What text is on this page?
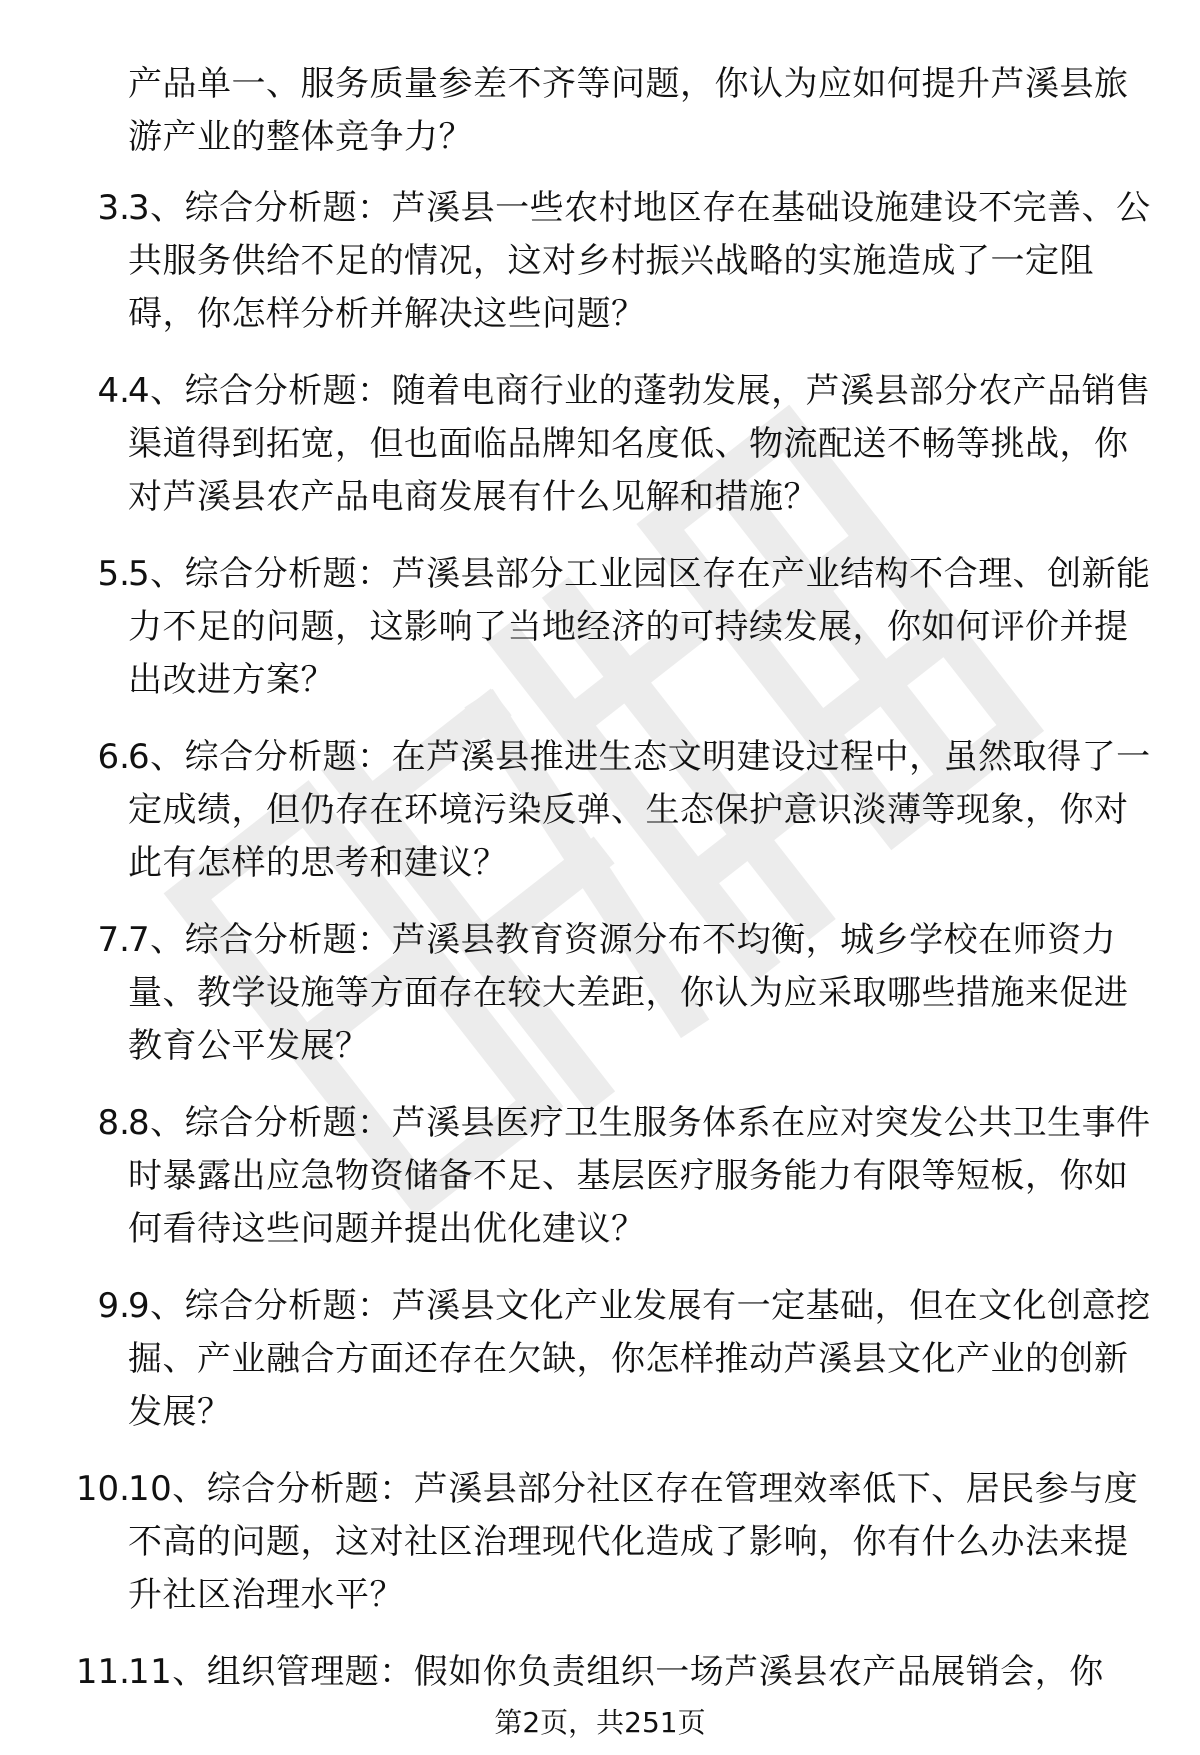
产品单一、服务质量参差不齐等问题，你认为应如何提升芦溪县旅游产业的整体竞争力？
3.
3、综合分析题：芦溪县一些农村地区存在基础设施建设不完善、公共服务供给不足的情况，这对乡村振兴战略的实施造成了一定阻碍，你怎样分析并解决这些问题？
4.
4、综合分析题：随着电商行业的蓬勃发展，芦溪县部分农产品销售渠道得到拓宽，但也面临品牌知名度低、物流配送不畅等挑战，你对芦溪县农产品电商发展有什么见解和措施？
5.
5、综合分析题：芦溪县部分工业园区存在产业结构不合理、创新能力不足的问题，这影响了当地经济的可持续发展，你如何评价并提出改进方案？
6.
6、综合分析题：在芦溪县推进生态文明建设过程中，虽然取得了一定成绩，但仍存在环境污染反弹、生态保护意识淡薄等现象，你对此有怎样的思考和建议？
7.
7、综合分析题：芦溪县教育资源分布不均衡，城乡学校在师资力量、教学设施等方面存在较大差距，你认为应采取哪些措施来促进教育公平发展？
8.
8、综合分析题：芦溪县医疗卫生服务体系在应对突发公共卫生事件时暴露出应急物资储备不足、基层医疗服务能力有限等短板，你如何看待这些问题并提出优化建议？
9.
9、综合分析题：芦溪县文化产业发展有一定基础，但在文化创意挖掘、产业融合方面还存在欠缺，你怎样推动芦溪县文化产业的创新发展？
10.
10、综合分析题：芦溪县部分社区存在管理效率低下、居民参与度不高的问题，这对社区治理现代化造成了影响，你有什么办法来提升社区治理水平？
11.
11、组织管理题：假如你负责组织一场芦溪县农产品展销会，你
第2页，共251页
